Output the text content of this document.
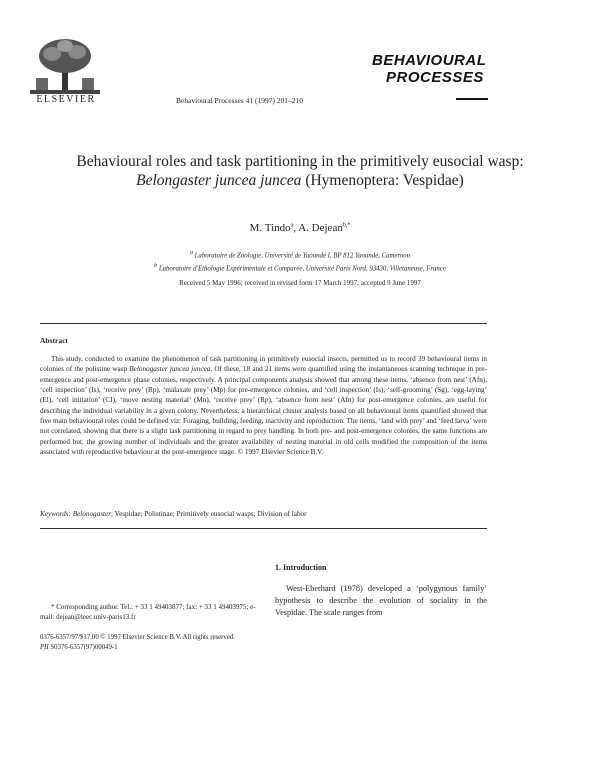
ELSEVIER	Behavioural Processes 41 (1997) 201–210
BEHAVIOURAL
PROCESSES
Behavioural roles and task partitioning in the primitively eusocial wasp: Belongaster juncea juncea (Hymenoptera: Vespidae)
M. Tindo$^a$, A. Dejean$^{b,*}$
$^a$ Laboratoire de Zoologie, Université de Yaoundé I, BP 812 Yaoundé, Cameroon
$^b$ Laboratoire d'Ethologie Expérimentale et Comparée, Université Paris Nord, 93430, Villetaneuse, France
Received 5 May 1996; received in revised form 17 March 1997; accepted 9 June 1997
Abstract
This study, conducted to examine the phenomenon of task partitioning in primitively eusocial insects, permitted us to record 39 behavioural items in colonies of the polistine wasp Belonogaster juncea juncea. Of these, 18 and 21 items were quantified using the instantaneous scanning technique in pre-emergence and post-emergence phase colonies, respectively. A principal components analysis showed that among these items, ‘absence from nest’ (Afn), ‘cell inspection’ (Is), ‘receive prey’ (Rp), ‘malaxate prey’ (Mp) for pre-emergence colonies, and ‘cell inspection’ (Is), ‘self-grooming’ (Sg), ‘egg-laying’ (El), ‘cell initiation’ (CI), ‘move nesting material’ (Mn), ‘receive prey’ (Rp), ‘absence from nest’ (Afn) for post-emergence colonies, are useful for describing the individual variability in a given colony. Nevertheless, a hierarchical cluster analysis based on all behavioural items quantified showed that five main behavioural roles could be defined viz: Foraging, building, feeding, inactivity and reproduction. The items, ‘land with prey’ and ‘feed larva’ were not correlated, showing that there is a slight task partitioning in regard to prey handling. In both pre- and post-emergence colonies, the same functions are performed but, the growing number of individuals and the greater availability of nesting material in old cells modified the composition of the items associated with reproductive behaviour at the post-emergence stage. © 1997 Elsevier Science B.V.
Keywords: Belonogaster; Vespidae; Polistinae; Primitively eusocial wasps; Division of labor
1. Introduction
West-Eberhard (1978) developed a ‘polygynous family’ hypothesis to describe the evolution of sociality in the Vespidae. The scale ranges from
* Corresponding author. Tel.: + 33 1 49403877; fax: + 33 1 49403975; e-mail: dejean@leec.univ-paris13.fr
0376-6357/97/$17.00 © 1997 Elsevier Science B.V. All rights reserved.
PII S0376-6357(97)00049-1
